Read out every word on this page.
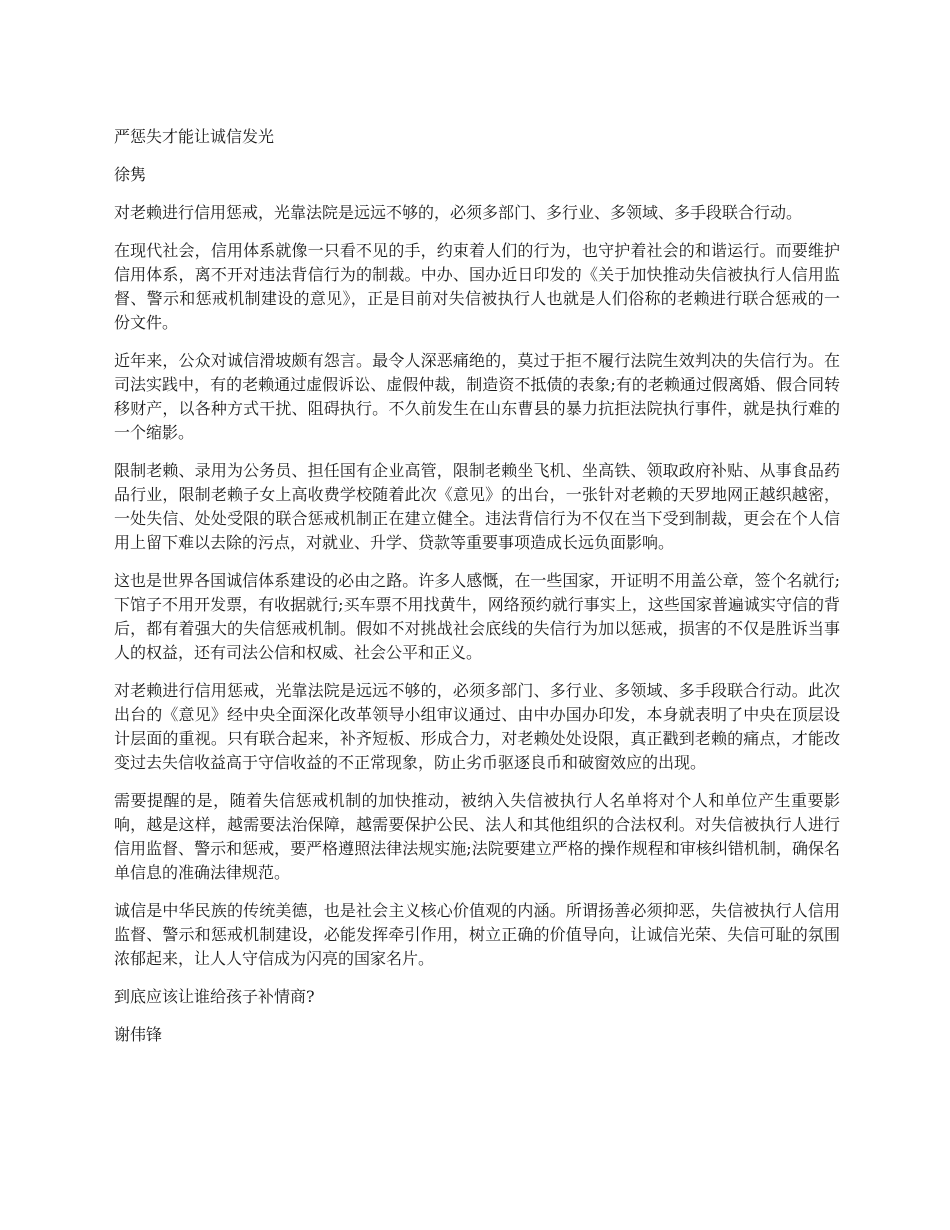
严惩失才能让诚信发光

徐隽

对老赖进行信用惩戒，光靠法院是远远不够的，必须多部门、多行业、多领域、多手段联合行动。

在现代社会，信用体系就像一只看不见的手，约束着人们的行为，也守护着社会的和谐运行。而要维护信用体系，离不开对违法背信行为的制裁。中办、国办近日印发的《关于加快推动失信被执行人信用监督、警示和惩戒机制建设的意见》，正是目前对失信被执行人也就是人们俗称的老赖进行联合惩戒的一份文件。

近年来，公众对诚信滑坡颇有怨言。最令人深恶痛绝的，莫过于拒不履行法院生效判决的失信行为。在司法实践中，有的老赖通过虚假诉讼、虚假仲裁，制造资不抵债的表象;有的老赖通过假离婚、假合同转移财产，以各种方式干扰、阻碍执行。不久前发生在山东曹县的暴力抗拒法院执行事件，就是执行难的一个缩影。

限制老赖、录用为公务员、担任国有企业高管，限制老赖坐飞机、坐高铁、领取政府补贴、从事食品药品行业，限制老赖子女上高收费学校随着此次《意见》的出台，一张针对老赖的天罗地网正越织越密，一处失信、处处受限的联合惩戒机制正在建立健全。违法背信行为不仅在当下受到制裁，更会在个人信用上留下难以去除的污点，对就业、升学、贷款等重要事项造成长远负面影响。

这也是世界各国诚信体系建设的必由之路。许多人感慨，在一些国家，开证明不用盖公章，签个名就行;下馆子不用开发票，有收据就行;买车票不用找黄牛，网络预约就行事实上，这些国家普遍诚实守信的背后，都有着强大的失信惩戒机制。假如不对挑战社会底线的失信行为加以惩戒，损害的不仅是胜诉当事人的权益，还有司法公信和权威、社会公平和正义。

对老赖进行信用惩戒，光靠法院是远远不够的，必须多部门、多行业、多领域、多手段联合行动。此次出台的《意见》经中央全面深化改革领导小组审议通过、由中办国办印发，本身就表明了中央在顶层设计层面的重视。只有联合起来，补齐短板、形成合力，对老赖处处设限，真正戳到老赖的痛点，才能改变过去失信收益高于守信收益的不正常现象，防止劣币驱逐良币和破窗效应的出现。

需要提醒的是，随着失信惩戒机制的加快推动，被纳入失信被执行人名单将对个人和单位产生重要影响，越是这样，越需要法治保障，越需要保护公民、法人和其他组织的合法权利。对失信被执行人进行信用监督、警示和惩戒，要严格遵照法律法规实施;法院要建立严格的操作规程和审核纠错机制，确保名单信息的准确法律规范。

诚信是中华民族的传统美德，也是社会主义核心价值观的内涵。所谓扬善必须抑恶，失信被执行人信用监督、警示和惩戒机制建设，必能发挥牵引作用，树立正确的价值导向，让诚信光荣、失信可耻的氛围浓郁起来，让人人守信成为闪亮的国家名片。

到底应该让谁给孩子补情商?

谢伟锋
